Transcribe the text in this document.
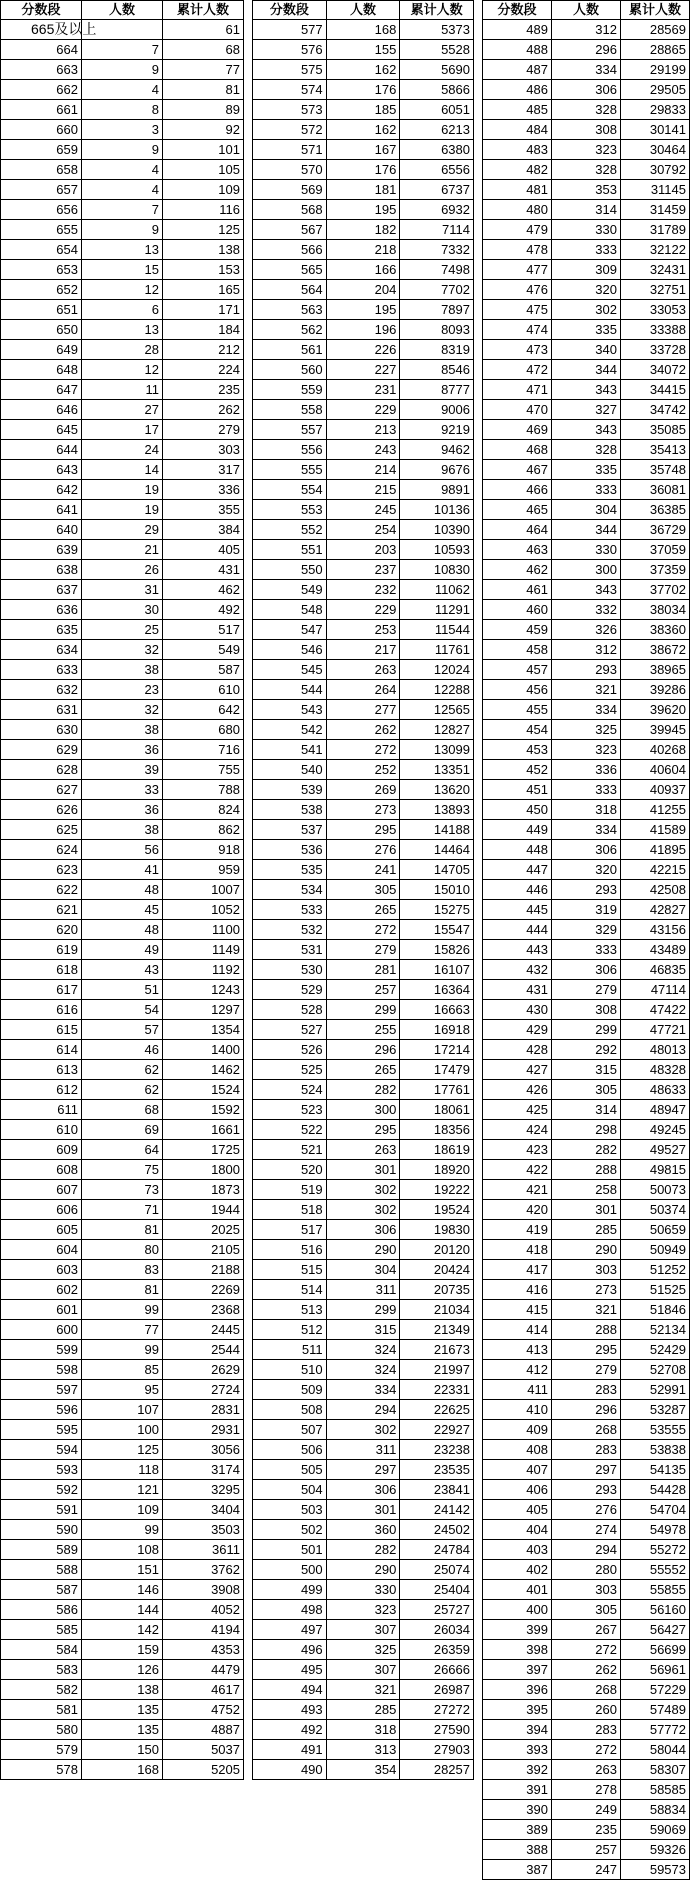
分数段	人数	累计人数
665及以上		61
664	7	68
663	9	77
662	4	81
661	8	89
660	3	92
659	9	101
658	4	105
657	4	109
656	7	116
655	9	125
654	13	138
653	15	153
652	12	165
651	6	171
650	13	184
649	28	212
648	12	224
647	11	235
646	27	262
645	17	279
644	24	303
643	14	317
642	19	336
641	19	355
640	29	384
639	21	405
638	26	431
637	31	462
636	30	492
635	25	517
634	32	549
633	38	587
632	23	610
631	32	642
630	38	680
629	36	716
628	39	755
627	33	788
626	36	824
625	38	862
624	56	918
623	41	959
622	48	1007
621	45	1052
620	48	1100
619	49	1149
618	43	1192
617	51	1243
616	54	1297
615	57	1354
614	46	1400
613	62	1462
612	62	1524
611	68	1592
610	69	1661
609	64	1725
608	75	1800
607	73	1873
606	71	1944
605	81	2025
604	80	2105
603	83	2188
602	81	2269
601	99	2368
600	77	2445
599	99	2544
598	85	2629
597	95	2724
596	107	2831
595	100	2931
594	125	3056
593	118	3174
592	121	3295
591	109	3404
590	99	3503
589	108	3611
588	151	3762
587	146	3908
586	144	4052
585	142	4194
584	159	4353
583	126	4479
582	138	4617
581	135	4752
580	135	4887
579	150	5037
578	168	5205
分数段	人数	累计人数
577	168	5373
576	155	5528
575	162	5690
574	176	5866
573	185	6051
572	162	6213
571	167	6380
570	176	6556
569	181	6737
568	195	6932
567	182	7114
566	218	7332
565	166	7498
564	204	7702
563	195	7897
562	196	8093
561	226	8319
560	227	8546
559	231	8777
558	229	9006
557	213	9219
556	243	9462
555	214	9676
554	215	9891
553	245	10136
552	254	10390
551	203	10593
550	237	10830
549	232	11062
548	229	11291
547	253	11544
546	217	11761
545	263	12024
544	264	12288
543	277	12565
542	262	12827
541	272	13099
540	252	13351
539	269	13620
538	273	13893
537	295	14188
536	276	14464
535	241	14705
534	305	15010
533	265	15275
532	272	15547
531	279	15826
530	281	16107
529	257	16364
528	299	16663
527	255	16918
526	296	17214
525	265	17479
524	282	17761
523	300	18061
522	295	18356
521	263	18619
520	301	18920
519	302	19222
518	302	19524
517	306	19830
516	290	20120
515	304	20424
514	311	20735
513	299	21034
512	315	21349
511	324	21673
510	324	21997
509	334	22331
508	294	22625
507	302	22927
506	311	23238
505	297	23535
504	306	23841
503	301	24142
502	360	24502
501	282	24784
500	290	25074
499	330	25404
498	323	25727
497	307	26034
496	325	26359
495	307	26666
494	321	26987
493	285	27272
492	318	27590
491	313	27903
490	354	28257
分数段	人数	累计人数
489	312	28569
488	296	28865
487	334	29199
486	306	29505
485	328	29833
484	308	30141
483	323	30464
482	328	30792
481	353	31145
480	314	31459
479	330	31789
478	333	32122
477	309	32431
476	320	32751
475	302	33053
474	335	33388
473	340	33728
472	344	34072
471	343	34415
470	327	34742
469	343	35085
468	328	35413
467	335	35748
466	333	36081
465	304	36385
464	344	36729
463	330	37059
462	300	37359
461	343	37702
460	332	38034
459	326	38360
458	312	38672
457	293	38965
456	321	39286
455	334	39620
454	325	39945
453	323	40268
452	336	40604
451	333	40937
450	318	41255
449	334	41589
448	306	41895
447	320	42215
446	293	42508
445	319	42827
444	329	43156
443	333	43489
432	306	46835
431	279	47114
430	308	47422
429	299	47721
428	292	48013
427	315	48328
426	305	48633
425	314	48947
424	298	49245
423	282	49527
422	288	49815
421	258	50073
420	301	50374
419	285	50659
418	290	50949
417	303	51252
416	273	51525
415	321	51846
414	288	52134
413	295	52429
412	279	52708
411	283	52991
410	296	53287
409	268	53555
408	283	53838
407	297	54135
406	293	54428
405	276	54704
404	274	54978
403	294	55272
402	280	55552
401	303	55855
400	305	56160
399	267	56427
398	272	56699
397	262	56961
396	268	57229
395	260	57489
394	283	57772
393	272	58044
392	263	58307
391	278	58585
390	249	58834
389	235	59069
388	257	59326
387	247	59573
